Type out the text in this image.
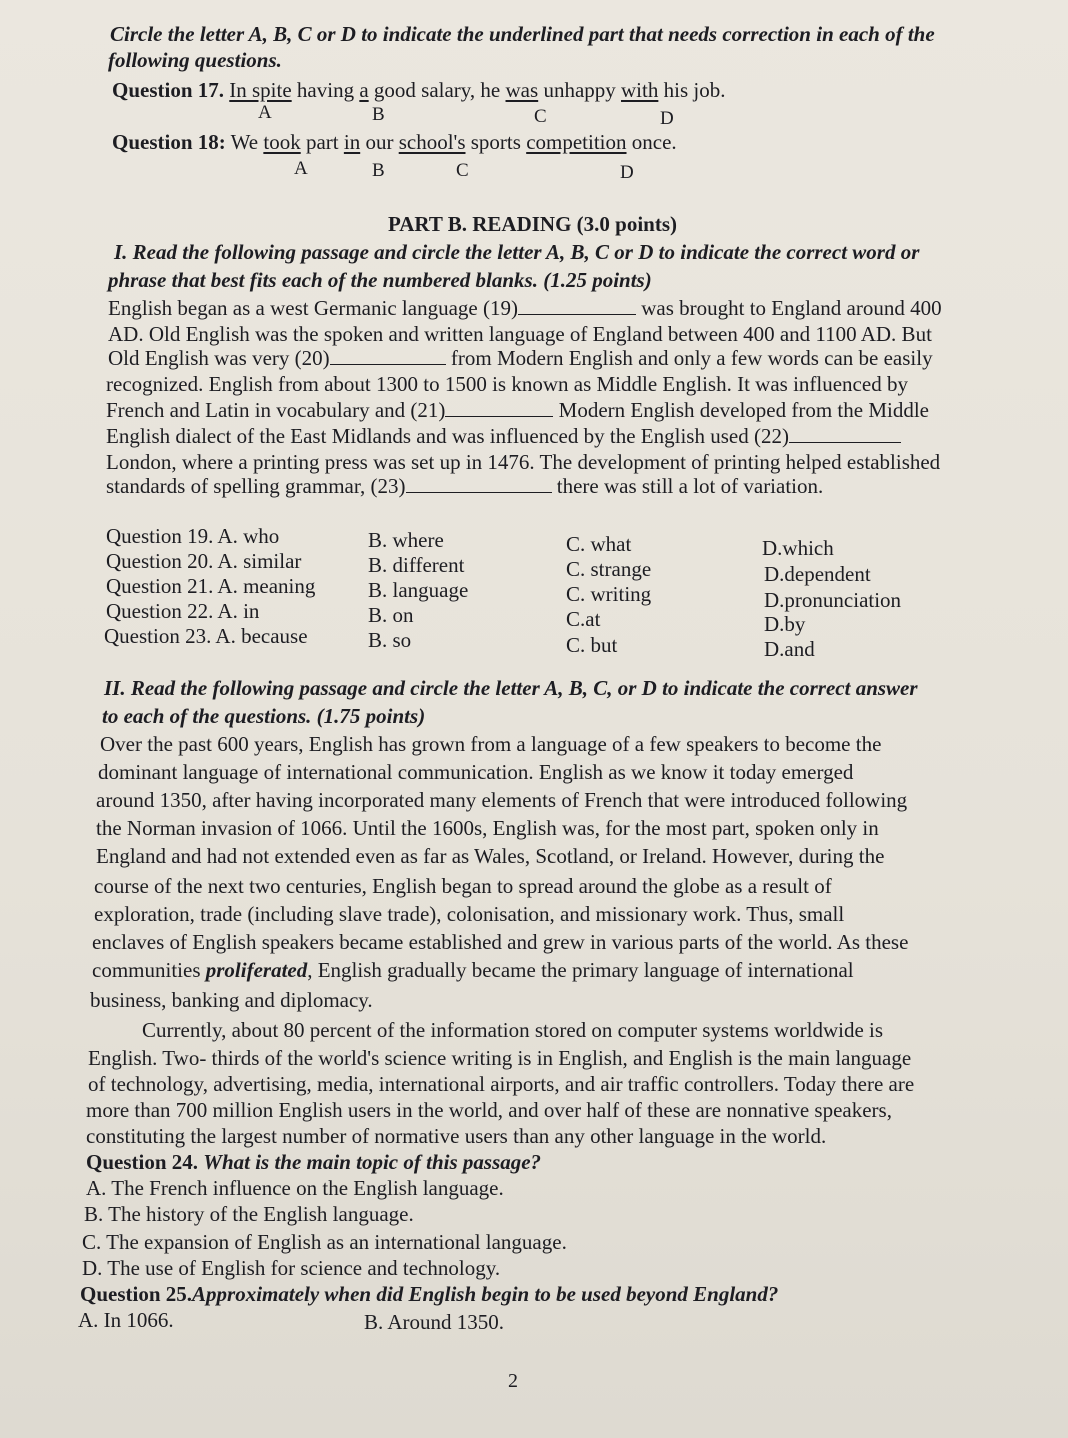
Circle the letter A, B, C or D to indicate the underlined part that needs correction in each of the
following questions.
Question 17. In spite having a good salary, he was unhappy with his job.
A	B	C	D
Question 18: We took part in our school's sports competition once.
A	B	C	D
PART B. READING (3.0 points)
I. Read the following passage and circle the letter A, B, C or D to indicate the correct word or
phrase that best fits each of the numbered blanks. (1.25 points)
English began as a west Germanic language (19)	was brought to England around 400
AD. Old English was the spoken and written language of England between 400 and 1100 AD. But
Old English was very (20)	from Modern English and only a few words can be easily
recognized. English from about 1300 to 1500 is known as Middle English. It was influenced by
French and Latin in vocabulary and (21)	Modern English developed from the Middle
English dialect of the East Midlands and was influenced by the English used (22)
London, where a printing press was set up in 1476. The development of printing helped established
standards of spelling grammar, (23)	there was still a lot of variation.
Question 19. A. who	B. where	C. what	D.which
Question 20. A. similar	B. different	C. strange	D.dependent
Question 21. A. meaning	B. language	C. writing	D.pronunciation
Question 22. A. in	B. on	C.at	D.by
Question 23. A. because	B. so	C. but	D.and
II. Read the following passage and circle the letter A, B, C, or D to indicate the correct answer
to each of the questions. (1.75 points)
Over the past 600 years, English has grown from a language of a few speakers to become the
dominant language of international communication. English as we know it today emerged
around 1350, after having incorporated many elements of French that were introduced following
the Norman invasion of 1066. Until the 1600s, English was, for the most part, spoken only in
England and had not extended even as far as Wales, Scotland, or Ireland. However, during the
course of the next two centuries, English began to spread around the globe as a result of
exploration, trade (including slave trade), colonisation, and missionary work. Thus, small
enclaves of English speakers became established and grew in various parts of the world. As these
communities proliferated, English gradually became the primary language of international
business, banking and diplomacy.
Currently, about 80 percent of the information stored on computer systems worldwide is
English. Two- thirds of the world's science writing is in English, and English is the main language
of technology, advertising, media, international airports, and air traffic controllers. Today there are
more than 700 million English users in the world, and over half of these are nonnative speakers,
constituting the largest number of normative users than any other language in the world.
Question 24. What is the main topic of this passage?
A. The French influence on the English language.
B. The history of the English language.
C. The expansion of English as an international language.
D. The use of English for science and technology.
Question 25.Approximately when did English begin to be used beyond England?
A. In 1066.	B. Around 1350.
2
